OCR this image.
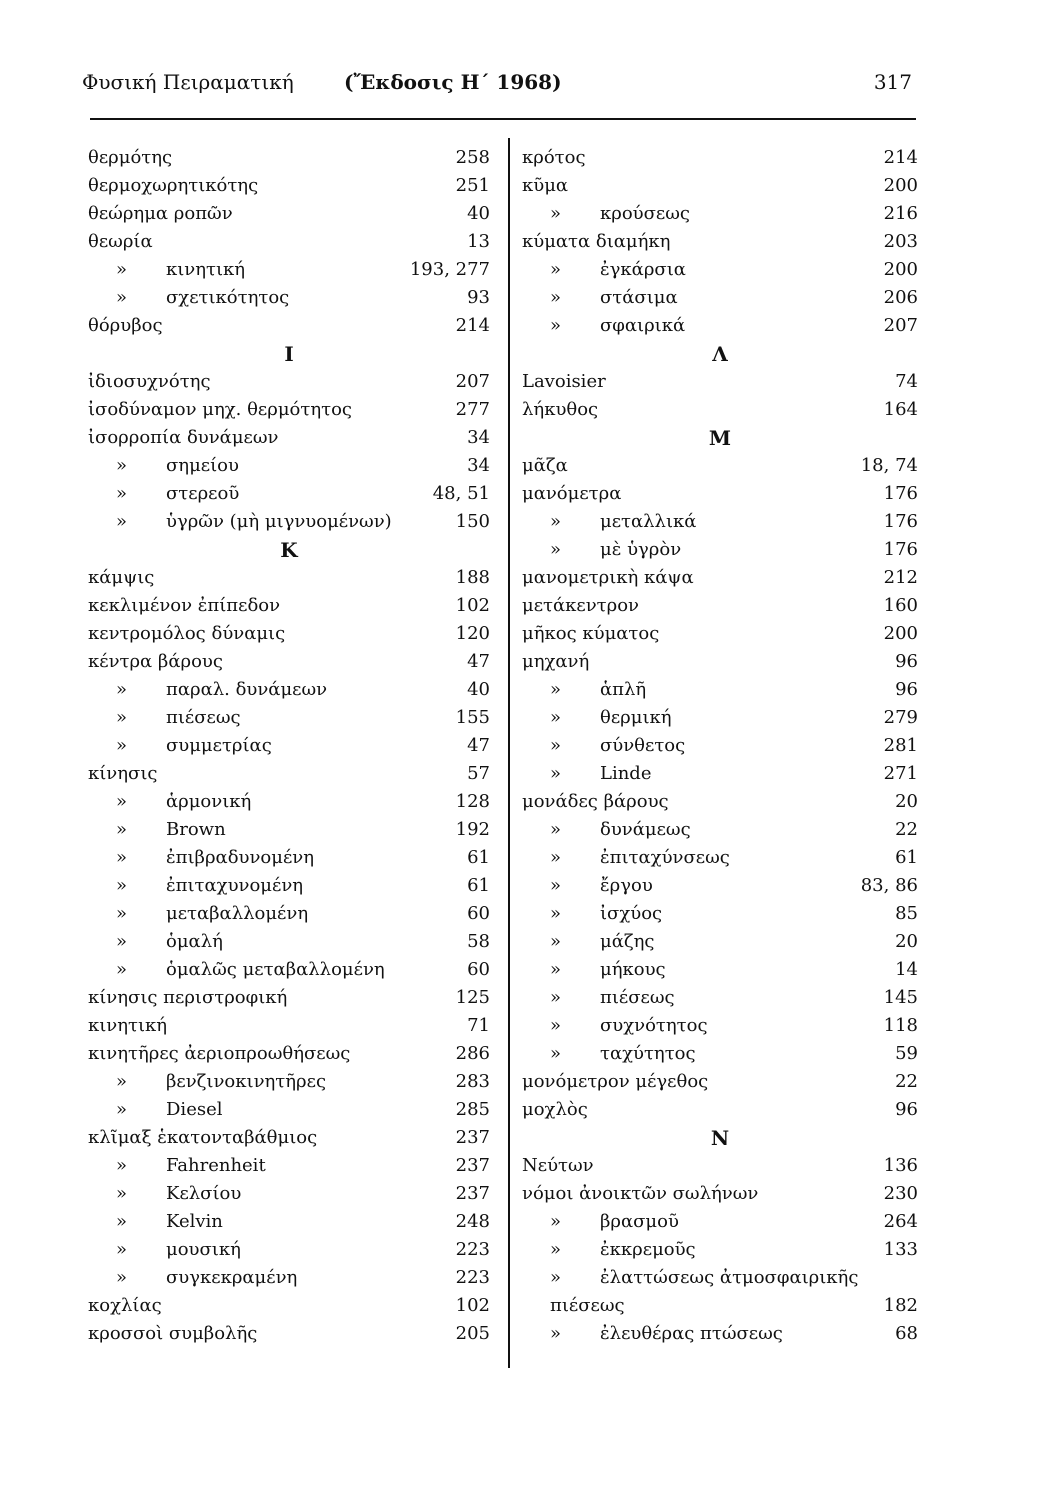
Φυσική Πειραματική	(Ἔκδοσις Η΄ 1968)	317
θερμότης	258
θερμοχωρητικότης	251
θεώρημα ροπῶν	40
θεωρία	13
» κινητική	193, 277
» σχετικότητος	93
θόρυβος	214
Ι
ἰδιοσυχνότης	207
ἰσοδύναμον μηχ. θερμότητος	277
ἰσορροπία δυνάμεων	34
» σημείου	34
» στερεοῦ	48, 51
» ὑγρῶν (μὴ μιγνυομένων)	150
Κ
κάμψις	188
κεκλιμένον ἐπίπεδον	102
κεντρομόλος δύναμις	120
κέντρα βάρους	47
» παραλ. δυνάμεων	40
» πιέσεως	155
» συμμετρίας	47
κίνησις	57
» ἁρμονική	128
» Brown	192
» ἐπιβραδυνομένη	61
» ἐπιταχυνομένη	61
» μεταβαλλομένη	60
» ὁμαλή	58
» ὁμαλῶς μεταβαλλομένη	60
κίνησις περιστροφική	125
κινητική	71
κινητῆρες ἀεριοπροωθήσεως	286
» βενζινοκινητῆρες	283
» Diesel	285
κλῖμαξ ἑκατονταβάθμιος	237
» Fahrenheit	237
» Κελσίου	237
» Kelvin	248
» μουσική	223
» συγκεκραμένη	223
κοχλίας	102
κροσσοὶ συμβολῆς	205
κρότος	214
κῦμα	200
» κρούσεως	216
κύματα διαμήκη	203
» ἐγκάρσια	200
» στάσιμα	206
» σφαιρικά	207
Λ
Lavoisier	74
λήκυθος	164
Μ
μᾶζα	18, 74
μανόμετρα	176
» μεταλλικά	176
» μὲ ὑγρὸν	176
μανομετρικὴ κάψα	212
μετάκεντρον	160
μῆκος κύματος	200
μηχανή	96
» ἁπλῆ	96
» θερμική	279
» σύνθετος	281
» Linde	271
μονάδες βάρους	20
» δυνάμεως	22
» ἐπιταχύνσεως	61
» ἔργου	83, 86
» ἰσχύος	85
» μάζης	20
» μήκους	14
» πιέσεως	145
» συχνότητος	118
» ταχύτητος	59
μονόμετρον μέγεθος	22
μοχλὸς	96
Ν
Νεύτων	136
νόμοι ἀνοικτῶν σωλήνων	230
» βρασμοῦ	264
» ἐκκρεμοῦς	133
» ἐλαττώσεως ἀτμοσφαιρικῆς
πιέσεως	182
» ἐλευθέρας πτώσεως	68
